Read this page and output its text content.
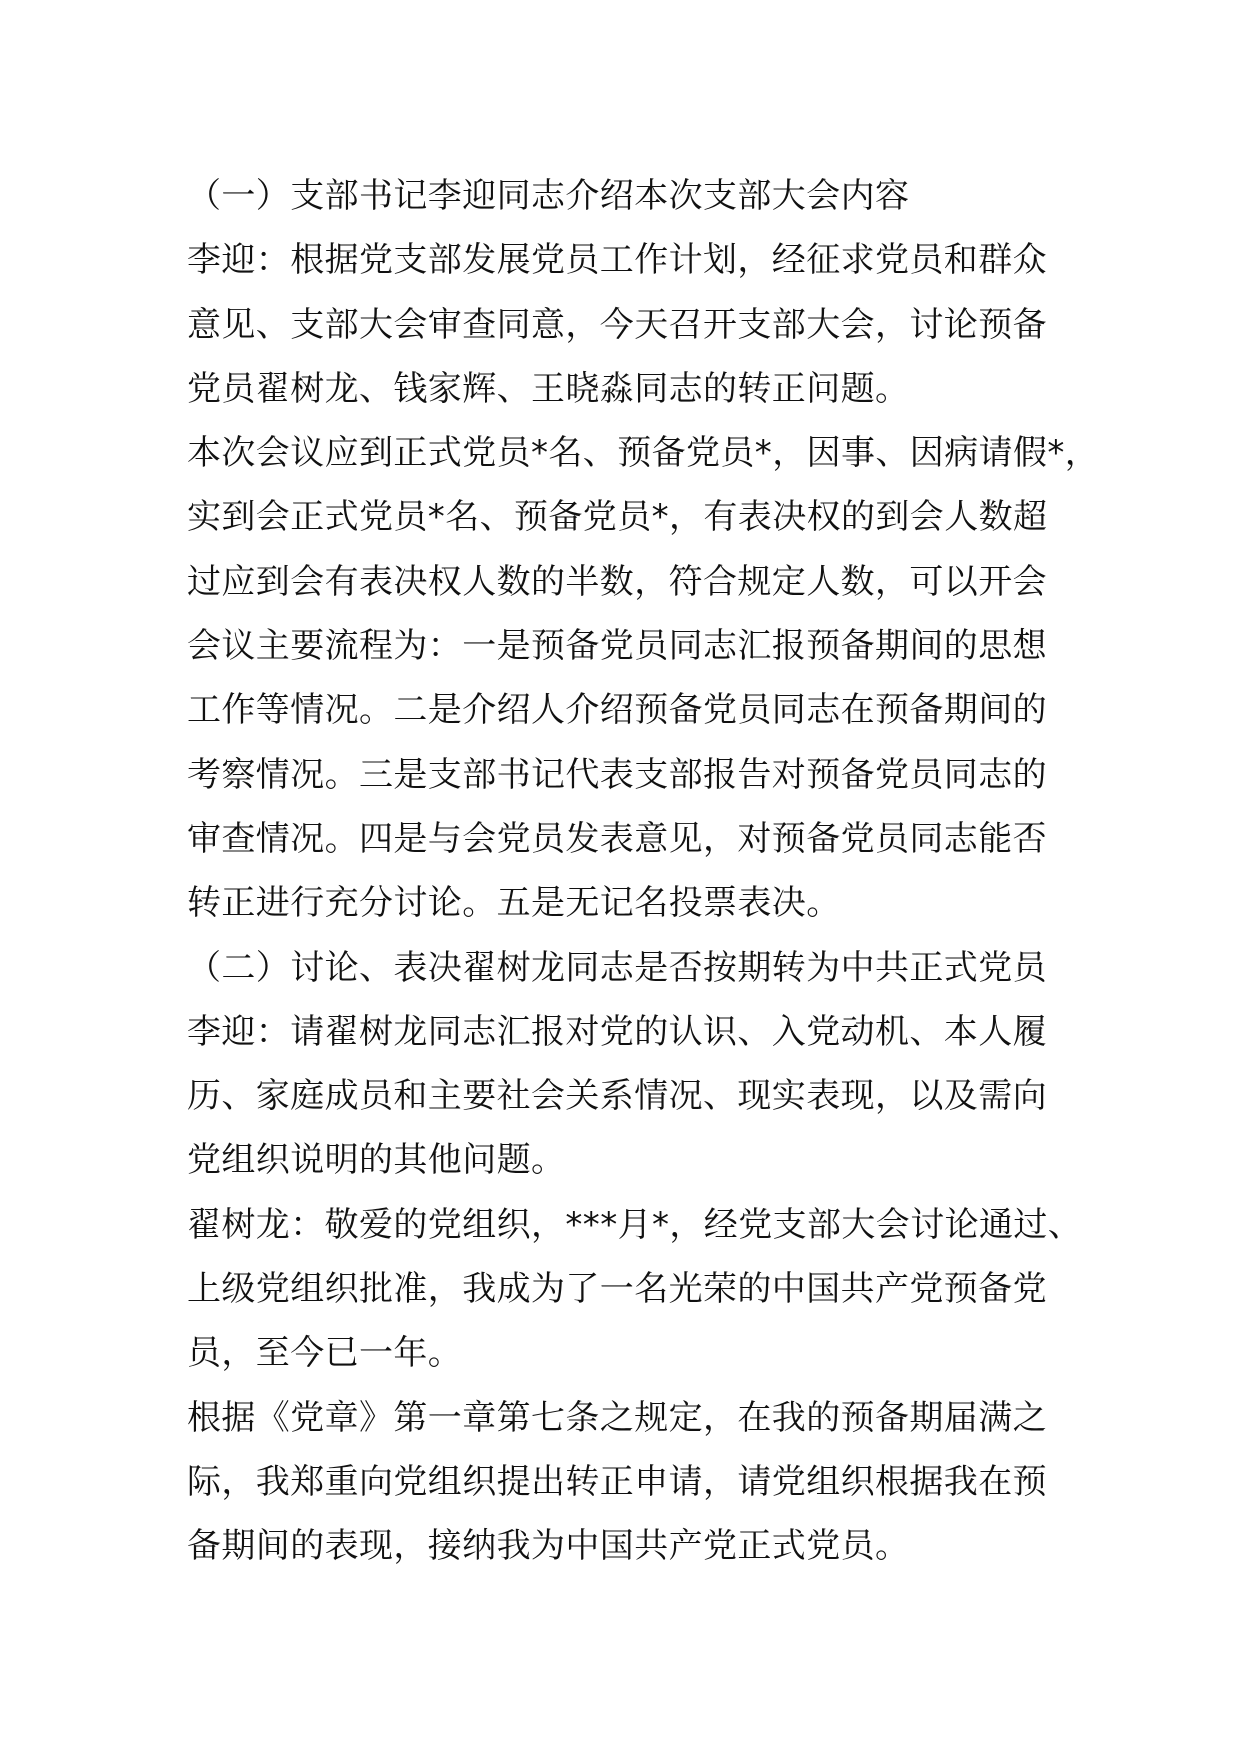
（一）支部书记李迎同志介绍本次支部大会内容
李迎：根据党支部发展党员工作计划，经征求党员和群众
意见、支部大会审查同意，今天召开支部大会，讨论预备
党员翟树龙、钱家辉、王晓淼同志的转正问题。
本次会议应到正式党员*名、预备党员*，因事、因病请假*，
实到会正式党员*名、预备党员*，有表决权的到会人数超
过应到会有表决权人数的半数，符合规定人数，可以开会
会议主要流程为：一是预备党员同志汇报预备期间的思想
工作等情况。二是介绍人介绍预备党员同志在预备期间的
考察情况。三是支部书记代表支部报告对预备党员同志的
审查情况。四是与会党员发表意见，对预备党员同志能否
转正进行充分讨论。五是无记名投票表决。
（二）讨论、表决翟树龙同志是否按期转为中共正式党员
李迎：请翟树龙同志汇报对党的认识、入党动机、本人履
历、家庭成员和主要社会关系情况、现实表现，以及需向
党组织说明的其他问题。
翟树龙：敬爱的党组织，***月*，经党支部大会讨论通过、
上级党组织批准，我成为了一名光荣的中国共产党预备党
员，至今已一年。
根据《党章》第一章第七条之规定，在我的预备期届满之
际，我郑重向党组织提出转正申请，请党组织根据我在预
备期间的表现，接纳我为中国共产党正式党员。
